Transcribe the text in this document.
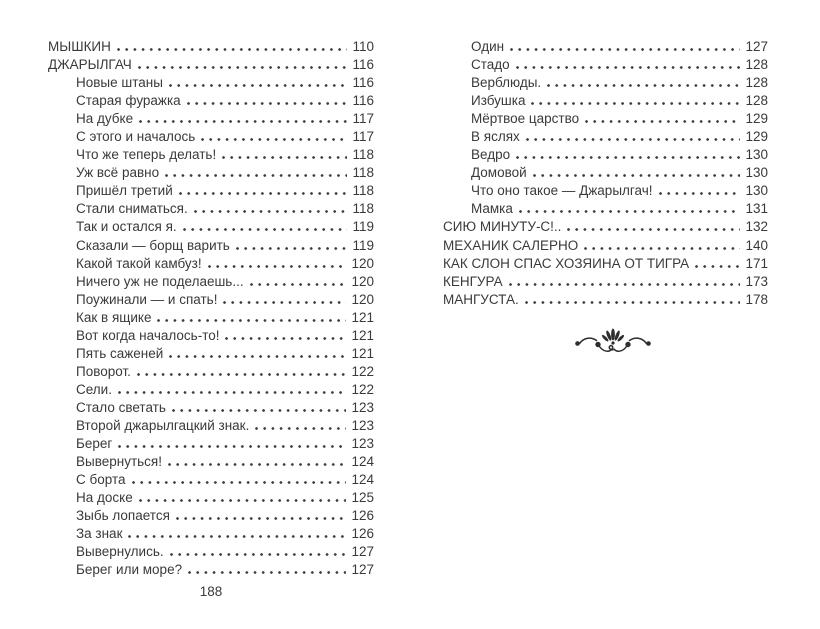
МЫШКИН	110
ДЖАРЫЛГАЧ	116
Новые штаны	116
Старая фуражка	116
На дубке	117
С этого и началось	117
Что же теперь делать!	118
Уж всё равно	118
Пришёл третий	118
Стали сниматься.	118
Так и остался я.	119
Сказали — борщ варить	119
Какой такой камбуз!	120
Ничего уж не поделаешь...	120
Поужинали — и спать!	120
Как в ящике	121
Вот когда началось-то!	121
Пять саженей	121
Поворот.	122
Сели.	122
Стало светать	123
Второй джарылгацкий знак.	123
Берег	123
Вывернуться!	124
С борта	124
На доске	125
Зыбь лопается	126
За знак	126
Вывернулись.	127
Берег или море?	127
Один	127
Стадо	128
Верблюды.	128
Избушка	128
Мёртвое царство	129
В яслях	129
Ведро	130
Домовой	130
Что оно такое — Джарылгач!	130
Мамка	131
СИЮ МИНУТУ-С!..	132
МЕХАНИК САЛЕРНО	140
КАК СЛОН СПАС ХОЗЯИНА ОТ ТИГРА	171
КЕНГУРА	173
МАНГУСТА.	178
188
